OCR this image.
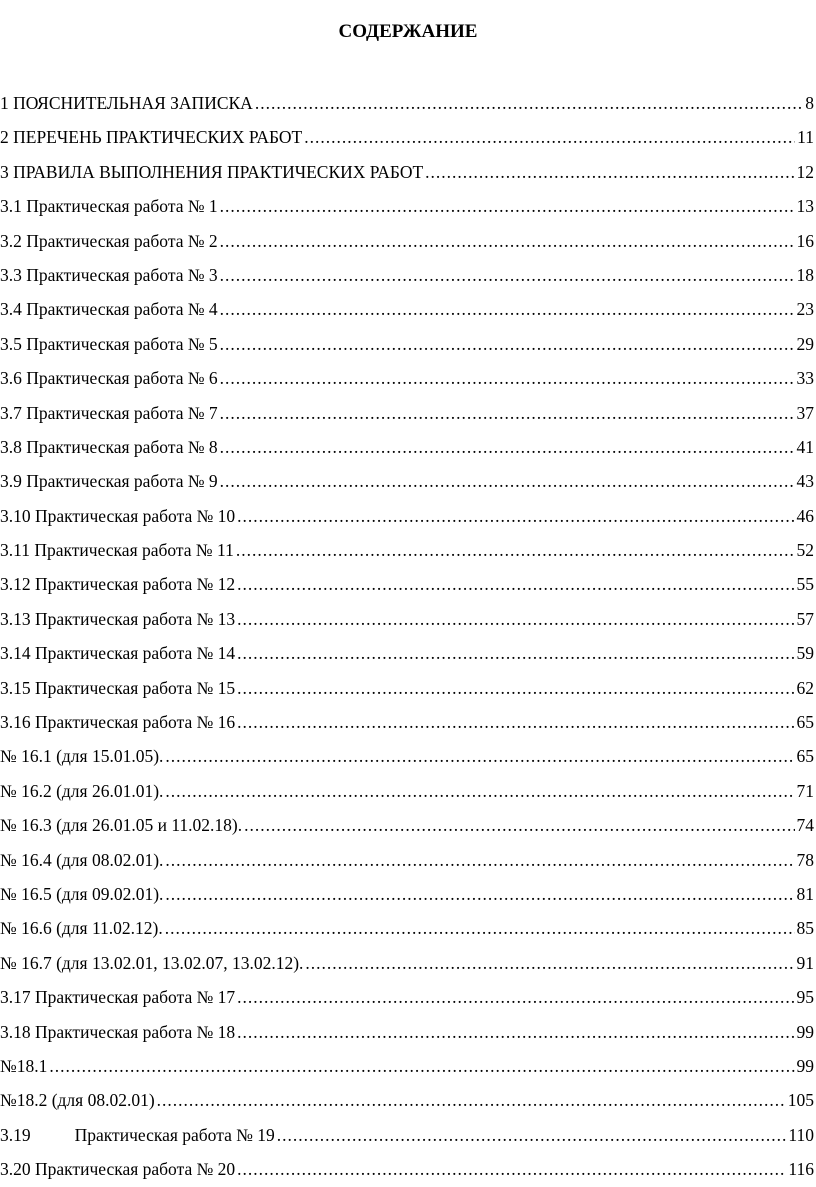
СОДЕРЖАНИЕ
1 ПОЯСНИТЕЛЬНАЯ ЗАПИСКА .....	8
2 ПЕРЕЧЕНЬ ПРАКТИЧЕСКИХ РАБОТ .....	11
3 ПРАВИЛА ВЫПОЛНЕНИЯ ПРАКТИЧЕСКИХ РАБОТ .....	12
3.1 Практическая работа № 1 .....	13
3.2 Практическая работа № 2 .....	16
3.3 Практическая работа № 3 .....	18
3.4 Практическая работа № 4 .....	23
3.5 Практическая работа № 5 .....	29
3.6 Практическая работа № 6 .....	33
3.7 Практическая работа № 7 .....	37
3.8 Практическая работа № 8 .....	41
3.9 Практическая работа № 9 .....	43
3.10 Практическая работа № 10 .....	46
3.11 Практическая работа № 11 .....	52
3.12 Практическая работа № 12 .....	55
3.13 Практическая работа № 13 .....	57
3.14 Практическая работа № 14 .....	59
3.15 Практическая работа № 15 .....	62
3.16 Практическая работа № 16 .....	65
№ 16.1 (для 15.01.05). .....	65
№ 16.2 (для 26.01.01). .....	71
№ 16.3 (для 26.01.05 и 11.02.18). .....	74
№ 16.4 (для 08.02.01). .....	78
№ 16.5 (для 09.02.01). .....	81
№ 16.6 (для 11.02.12). .....	85
№ 16.7 (для 13.02.01, 13.02.07, 13.02.12). .....	91
3.17 Практическая работа № 17 .....	95
3.18 Практическая работа № 18 .....	99
№18.1 .....	99
№18.2 (для 08.02.01) .....	105
3.19	Практическая работа № 19 .....	110
3.20 Практическая работа № 20 .....	116
